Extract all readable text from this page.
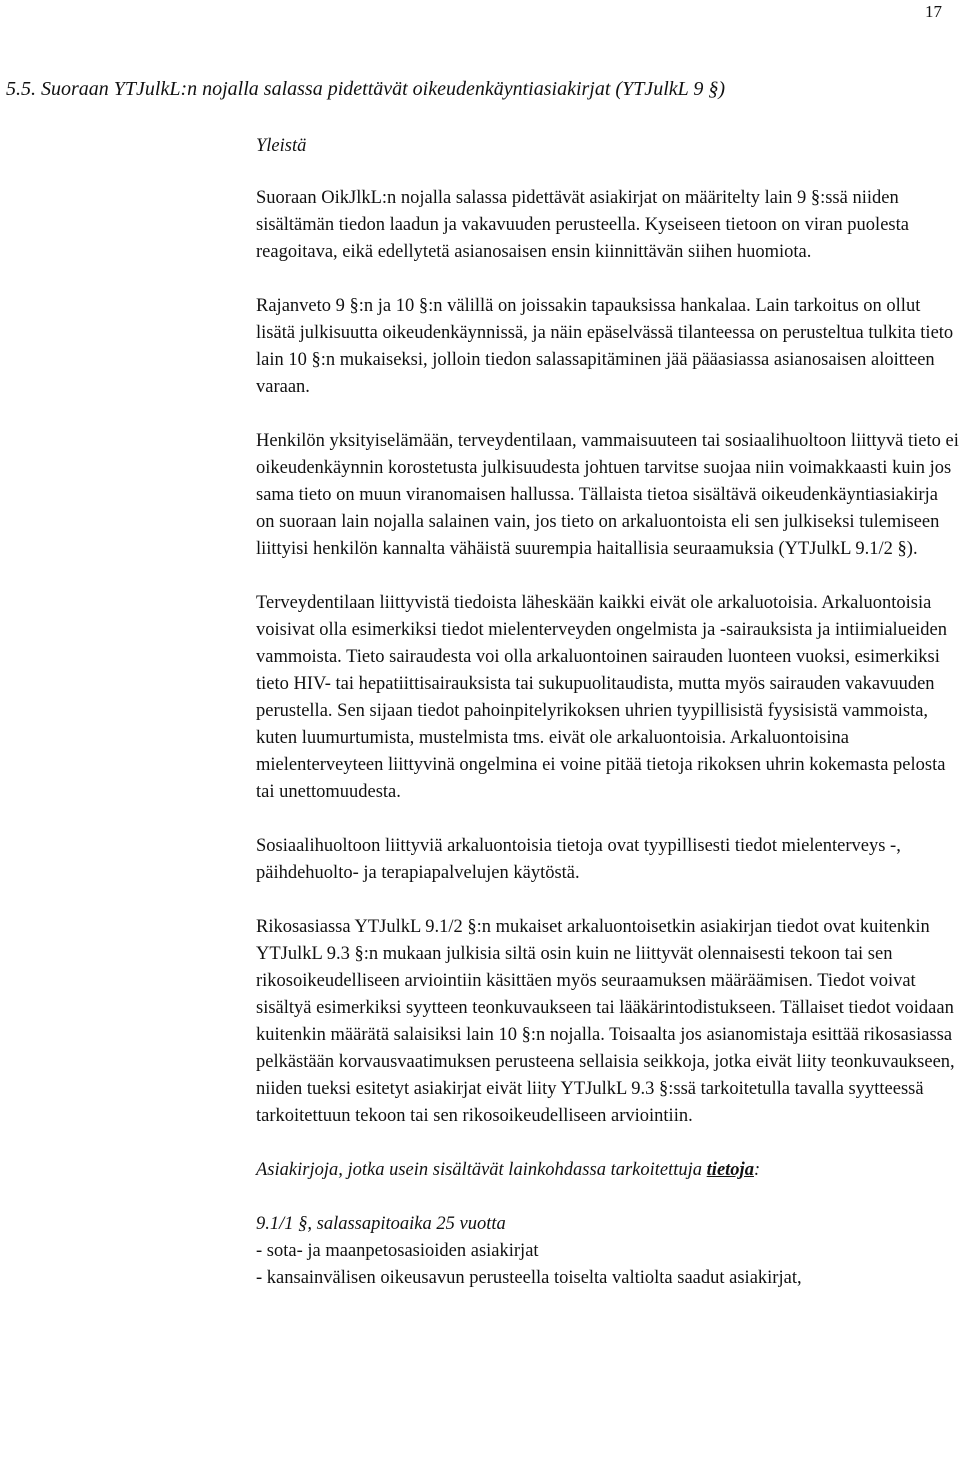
17
5.5. Suoraan YTJulkL:n nojalla salassa pidettävät oikeudenkäyntiasiakirjat (YTJulkL 9 §)

Yleistä

Suoraan OikJlkL:n nojalla salassa pidettävät asiakirjat on määritelty lain 9 §:ssä niiden sisältämän tiedon laadun ja vakavuuden perusteella. Kyseiseen tietoon on viran puolesta reagoitava, eikä edellytetä asianosaisen ensin kiinnittävän siihen huomiota.

Rajanveto 9 §:n ja 10 §:n välillä on joissakin tapauksissa hankalaa. Lain tarkoitus on ollut lisätä julkisuutta oikeudenkäynnissä, ja näin epäselvässä tilanteessa on perusteltua tulkita tieto lain 10 §:n mukaiseksi, jolloin tiedon salassapitäminen jää pääasiassa asianosaisen aloitteen varaan.

Henkilön yksityiselämään, terveydentilaan, vammaisuuteen tai sosiaalihuoltoon liittyvä tieto ei oikeudenkäynnin korostetusta julkisuudesta johtuen tarvitse suojaa niin voimakkaasti kuin jos sama tieto on muun viranomaisen hallussa. Tällaista tietoa sisältävä oikeudenkäyntiasiakirja on suoraan lain nojalla salainen vain, jos tieto on arkaluontoista eli sen julkiseksi tulemiseen liittyisi henkilön kannalta vähäistä suurempia haitallisia seuraamuksia (YTJulkL 9.1/2 §).

Terveydentilaan liittyvistä tiedoista läheskään kaikki eivät ole arkaluotoisia. Arkaluontoisia voisivat olla esimerkiksi tiedot mielenterveyden ongelmista ja -sairauksista ja intiimialueiden vammoista. Tieto sairaudesta voi olla arkaluontoinen sairauden luonteen vuoksi, esimerkiksi tieto HIV- tai hepatiittisairauksista tai sukupuolitaudista, mutta myös sairauden vakavuuden perustella. Sen sijaan tiedot pahoinpitelyrikoksen uhrien tyypillisistä fyysisistä vammoista, kuten luumurtumista, mustelmista tms. eivät ole arkaluontoisia. Arkaluontoisina mielenterveyteen liittyvinä ongelmina ei voine pitää tietoja rikoksen uhrin kokemasta pelosta tai unettomuudesta.

Sosiaalihuoltoon liittyviä arkaluontoisia tietoja ovat tyypillisesti tiedot mielenterveys -, päihdehuolto- ja terapiapalvelujen käytöstä.

Rikosasiassa YTJulkL 9.1/2 §:n mukaiset arkaluontoisetkin asiakirjan tiedot ovat kuitenkin YTJulkL 9.3 §:n mukaan julkisia siltä osin kuin ne liittyvät olennaisesti tekoon tai sen rikosoikeudelliseen arviointiin käsittäen myös seuraamuksen määräämisen. Tiedot voivat sisältyä esimerkiksi syytteen teonkuvaukseen tai lääkärintodistukseen. Tällaiset tiedot voidaan kuitenkin määrätä salaisiksi lain 10 §:n nojalla. Toisaalta jos asianomistaja esittää rikosasiassa pelkästään korvausvaatimuksen perusteena sellaisia seikkoja, jotka eivät liity teonkuvaukseen, niiden tueksi esitetyt asiakirjat eivät liity YTJulkL 9.3 §:ssä tarkoitetulla tavalla syytteessä tarkoitettuun tekoon tai sen rikosoikeudelliseen arviointiin.

Asiakirjoja, jotka usein sisältävät lainkohdassa tarkoitettuja tietoja:

9.1/1 §, salassapitoaika 25 vuotta

- sota- ja maanpetosasioiden asiakirjat

- kansainvälisen oikeusavun perusteella toiselta valtiolta saadut asiakirjat,
